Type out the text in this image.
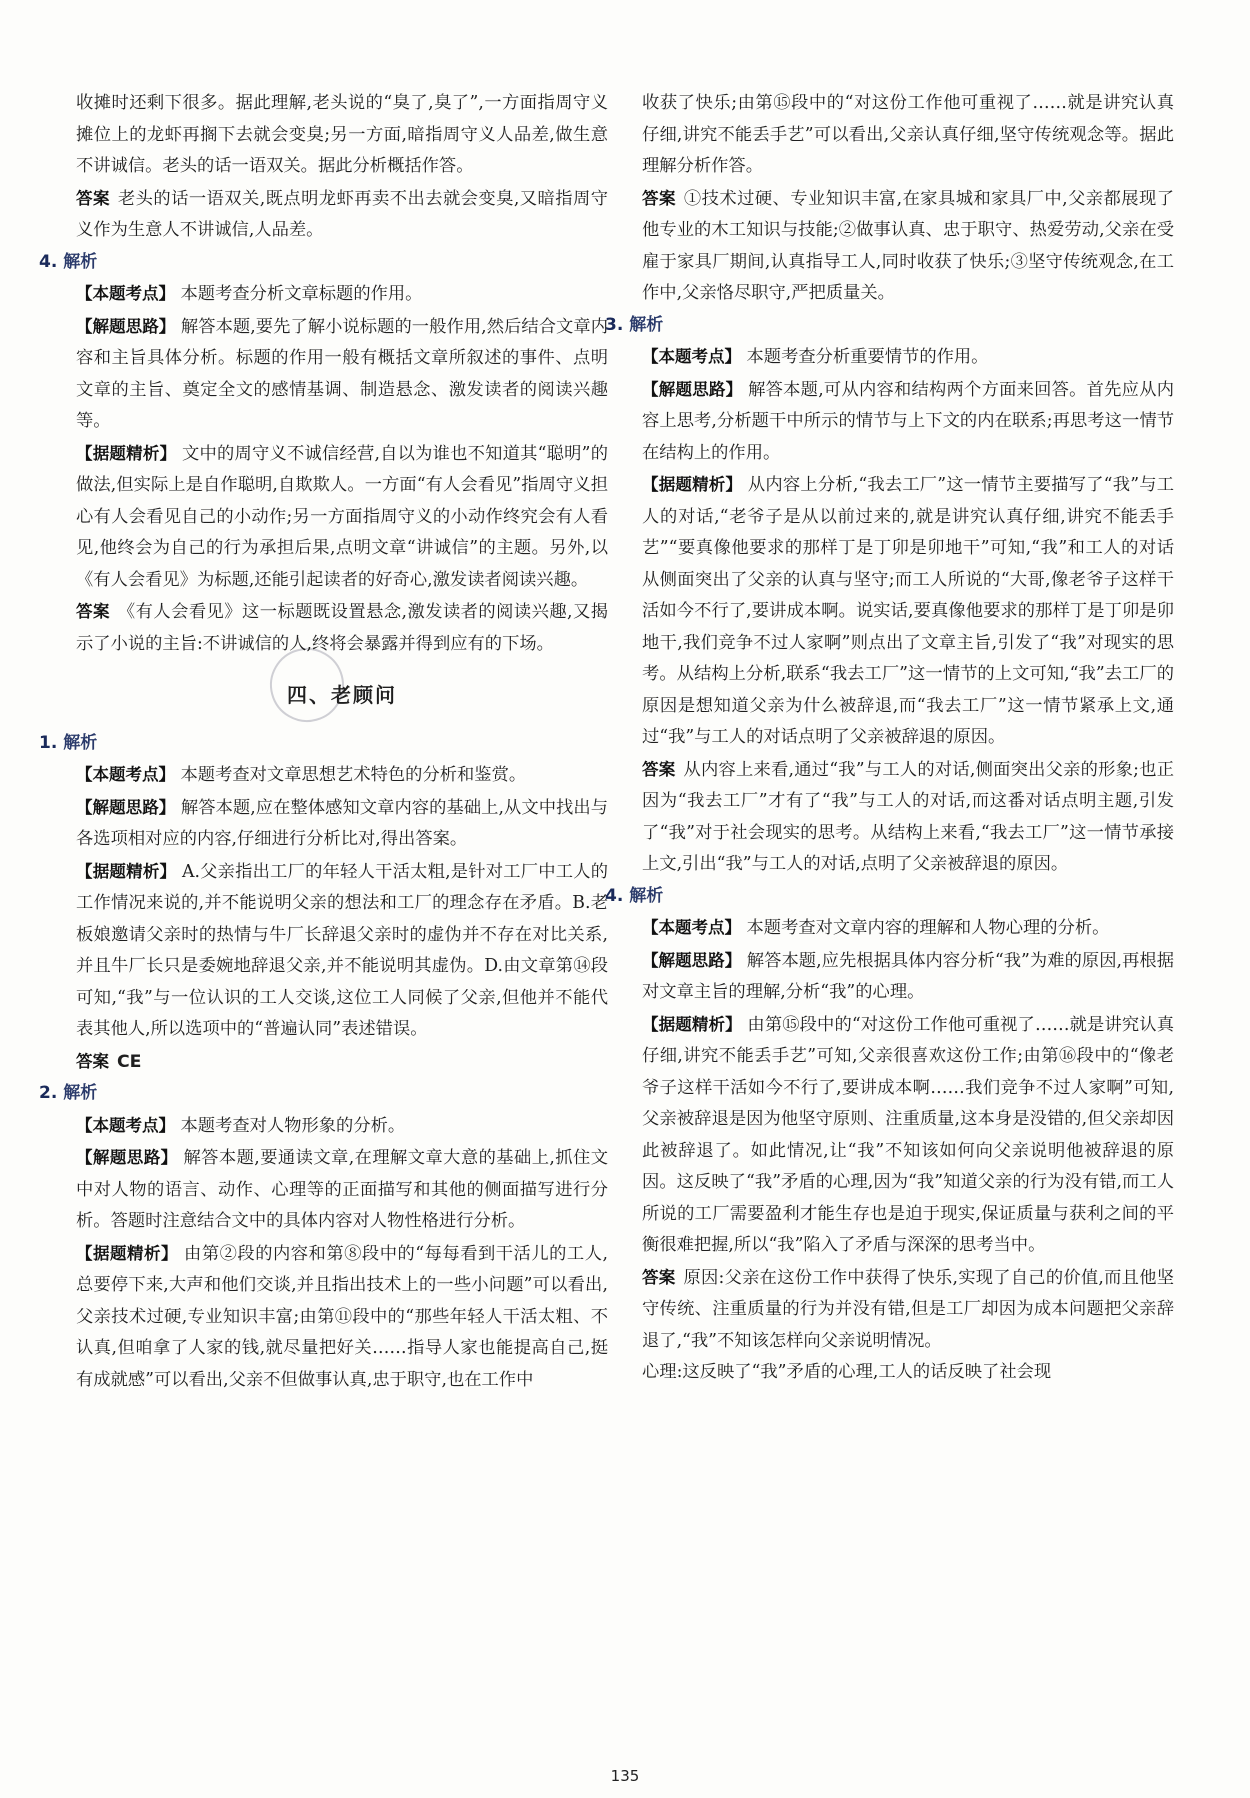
收摊时还剩下很多。据此理解,老头说的“臭了,臭了”,一方面指周守义摊位上的龙虾再搁下去就会变臭;另一方面,暗指周守义人品差,做生意不讲诚信。老头的话一语双关。据此分析概括作答。

答案 老头的话一语双关,既点明龙虾再卖不出去就会变臭,又暗指周守义作为生意人不讲诚信,人品差。

4. 解析

【本题考点】 本题考查分析文章标题的作用。

【解题思路】 解答本题,要先了解小说标题的一般作用,然后结合文章内容和主旨具体分析。标题的作用一般有概括文章所叙述的事件、点明文章的主旨、奠定全文的感情基调、制造悬念、激发读者的阅读兴趣等。

【据题精析】 文中的周守义不诚信经营,自以为谁也不知道其“聪明”的做法,但实际上是自作聪明,自欺欺人。一方面“有人会看见”指周守义担心有人会看见自己的小动作;另一方面指周守义的小动作终究会有人看见,他终会为自己的行为承担后果,点明文章“讲诚信”的主题。另外,以《有人会看见》为标题,还能引起读者的好奇心,激发读者阅读兴趣。

答案 《有人会看见》这一标题既设置悬念,激发读者的阅读兴趣,又揭示了小说的主旨:不讲诚信的人,终将会暴露并得到应有的下场。

四、老顾问

1. 解析

【本题考点】 本题考查对文章思想艺术特色的分析和鉴赏。

【解题思路】 解答本题,应在整体感知文章内容的基础上,从文中找出与各选项相对应的内容,仔细进行分析比对,得出答案。

【据题精析】 A.父亲指出工厂的年轻人干活太粗,是针对工厂中工人的工作情况来说的,并不能说明父亲的想法和工厂的理念存在矛盾。B.老板娘邀请父亲时的热情与牛厂长辞退父亲时的虚伪并不存在对比关系,并且牛厂长只是委婉地辞退父亲,并不能说明其虚伪。D.由文章第⑭段可知,“我”与一位认识的工人交谈,这位工人同候了父亲,但他并不能代表其他人,所以选项中的“普遍认同”表述错误。

答案 CE

2. 解析

【本题考点】 本题考查对人物形象的分析。

【解题思路】 解答本题,要通读文章,在理解文章大意的基础上,抓住文中对人物的语言、动作、心理等的正面描写和其他的侧面描写进行分析。答题时注意结合文中的具体内容对人物性格进行分析。

【据题精析】 由第②段的内容和第⑧段中的“每每看到干活儿的工人,总要停下来,大声和他们交谈,并且指出技术上的一些小问题”可以看出,父亲技术过硬,专业知识丰富;由第⑪段中的“那些年轻人干活太粗、不认真,但咱拿了人家的钱,就尽量把好关……指导人家也能提高自己,挺有成就感”可以看出,父亲不但做事认真,忠于职守,也在工作中

收获了快乐;由第⑮段中的“对这份工作他可重视了……就是讲究认真仔细,讲究不能丢手艺”可以看出,父亲认真仔细,坚守传统观念等。据此理解分析作答。

答案 ①技术过硬、专业知识丰富,在家具城和家具厂中,父亲都展现了他专业的木工知识与技能;②做事认真、忠于职守、热爱劳动,父亲在受雇于家具厂期间,认真指导工人,同时收获了快乐;③坚守传统观念,在工作中,父亲恪尽职守,严把质量关。

3. 解析

【本题考点】 本题考查分析重要情节的作用。

【解题思路】 解答本题,可从内容和结构两个方面来回答。首先应从内容上思考,分析题干中所示的情节与上下文的内在联系;再思考这一情节在结构上的作用。

【据题精析】 从内容上分析,“我去工厂”这一情节主要描写了“我”与工人的对话,“老爷子是从以前过来的,就是讲究认真仔细,讲究不能丢手艺”“要真像他要求的那样丁是丁卯是卯地干”可知,“我”和工人的对话从侧面突出了父亲的认真与坚守;而工人所说的“大哥,像老爷子这样干活如今不行了,要讲成本啊。说实话,要真像他要求的那样丁是丁卯是卯地干,我们竞争不过人家啊”则点出了文章主旨,引发了“我”对现实的思考。从结构上分析,联系“我去工厂”这一情节的上文可知,“我”去工厂的原因是想知道父亲为什么被辞退,而“我去工厂”这一情节紧承上文,通过“我”与工人的对话点明了父亲被辞退的原因。

答案 从内容上来看,通过“我”与工人的对话,侧面突出父亲的形象;也正因为“我去工厂”才有了“我”与工人的对话,而这番对话点明主题,引发了“我”对于社会现实的思考。从结构上来看,“我去工厂”这一情节承接上文,引出“我”与工人的对话,点明了父亲被辞退的原因。

4. 解析

【本题考点】 本题考查对文章内容的理解和人物心理的分析。

【解题思路】 解答本题,应先根据具体内容分析“我”为难的原因,再根据对文章主旨的理解,分析“我”的心理。

【据题精析】 由第⑮段中的“对这份工作他可重视了……就是讲究认真仔细,讲究不能丢手艺”可知,父亲很喜欢这份工作;由第⑯段中的“像老爷子这样干活如今不行了,要讲成本啊……我们竞争不过人家啊”可知,父亲被辞退是因为他坚守原则、注重质量,这本身是没错的,但父亲却因此被辞退了。如此情况,让“我”不知该如何向父亲说明他被辞退的原因。这反映了“我”矛盾的心理,因为“我”知道父亲的行为没有错,而工人所说的工厂需要盈利才能生存也是迫于现实,保证质量与获利之间的平衡很难把握,所以“我”陷入了矛盾与深深的思考当中。

答案 原因:父亲在这份工作中获得了快乐,实现了自己的价值,而且他坚守传统、注重质量的行为并没有错,但是工厂却因为成本问题把父亲辞退了,“我”不知该怎样向父亲说明情况。

心理:这反映了“我”矛盾的心理,工人的话反映了社会现

135
